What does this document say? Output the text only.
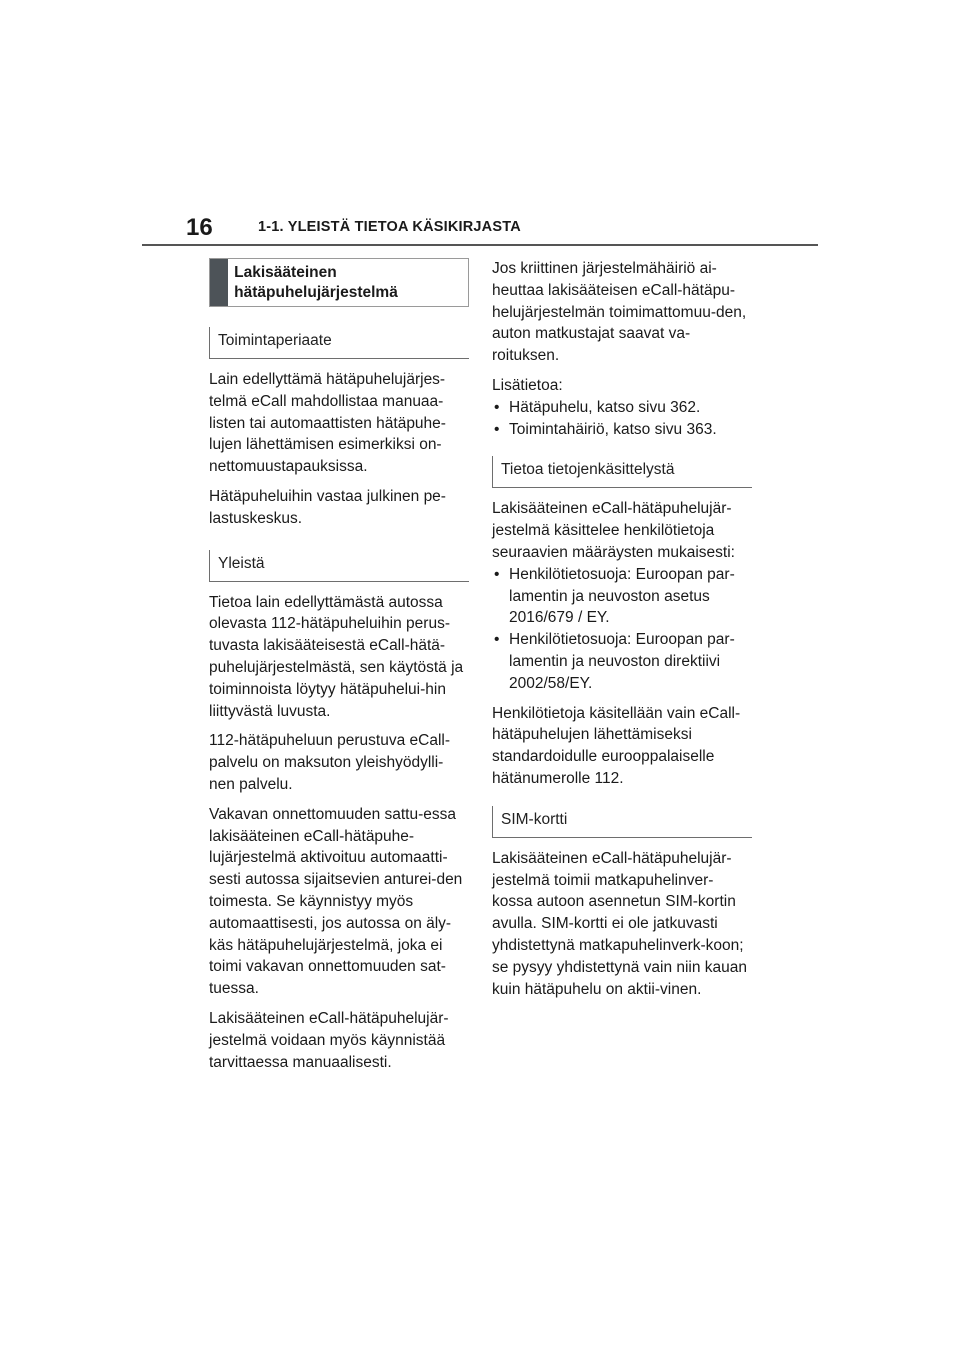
16	1-1. YLEISTÄ TIETOA KÄSIKIRJASTA
Lakisääteinen hätäpuhelujärjestelmä
Toimintaperiaate

Lain edellyttämä hätäpuhelujärjes-telmä eCall mahdollistaa manuaa-listen tai automaattisten hätäpuhe-lujen lähettämisen esimerkiksi on-nettomuustapauksissa.

Hätäpuheluihin vastaa julkinen pe-lastuskeskus.

Yleistä

Tietoa lain edellyttämästä autossa olevasta 112-hätäpuheluihin perus-tuvasta lakisääteisestä eCall-hätä-puhelujärjestelmästä, sen käytöstä ja toiminnoista löytyy hätäpuhelui-hin liittyvästä luvusta.

112-hätäpuheluun perustuva eCall-palvelu on maksuton yleishyödylli-nen palvelu.

Vakavan onnettomuuden sattu-essa lakisääteinen eCall-hätäpuhe-lujärjestelmä aktivoituu automaatti-sesti autossa sijaitsevien anturei-den toimesta. Se käynnistyy myös automaattisesti, jos autossa on äly-käs hätäpuhelujärjestelmä, joka ei toimi vakavan onnettomuuden sat-tuessa.

Lakisääteinen eCall-hätäpuhelujär-jestelmä voidaan myös käynnistää tarvittaessa manuaalisesti.

Jos kriittinen järjestelmähäiriö ai-heuttaa lakisääteisen eCall-hätäpu-helujärjestelmän toimimattomuu-den, auton matkustajat saavat va-roituksen.

Lisätietoa:

• Hätäpuhelu, katso sivu 362.
• Toimintahäiriö, katso sivu 363.
Tietoa tietojenkäsittelystä

Lakisääteinen eCall-hätäpuhelujär-jestelmä käsittelee henkilötietoja seuraavien määräysten mukaisesti:

• Henkilötietosuoja: Euroopan par-lamentin ja neuvoston asetus 2016/679 / EY.
• Henkilötietosuoja: Euroopan par-lamentin ja neuvoston direktiivi 2002/58/EY.

Henkilötietoja käsitellään vain eCall-hätäpuhelujen lähettämiseksi standardoidulle eurooppalaiselle hätänumerolle 112.

SIM-kortti

Lakisääteinen eCall-hätäpuhelujär-jestelmä toimii matkapuhelinver-kossa autoon asennetun SIM-kortin avulla. SIM-kortti ei ole jatkuvasti yhdistettynä matkapuhelinverk-koon; se pysyy yhdistettynä vain niin kauan kuin hätäpuhelu on aktii-vinen.
